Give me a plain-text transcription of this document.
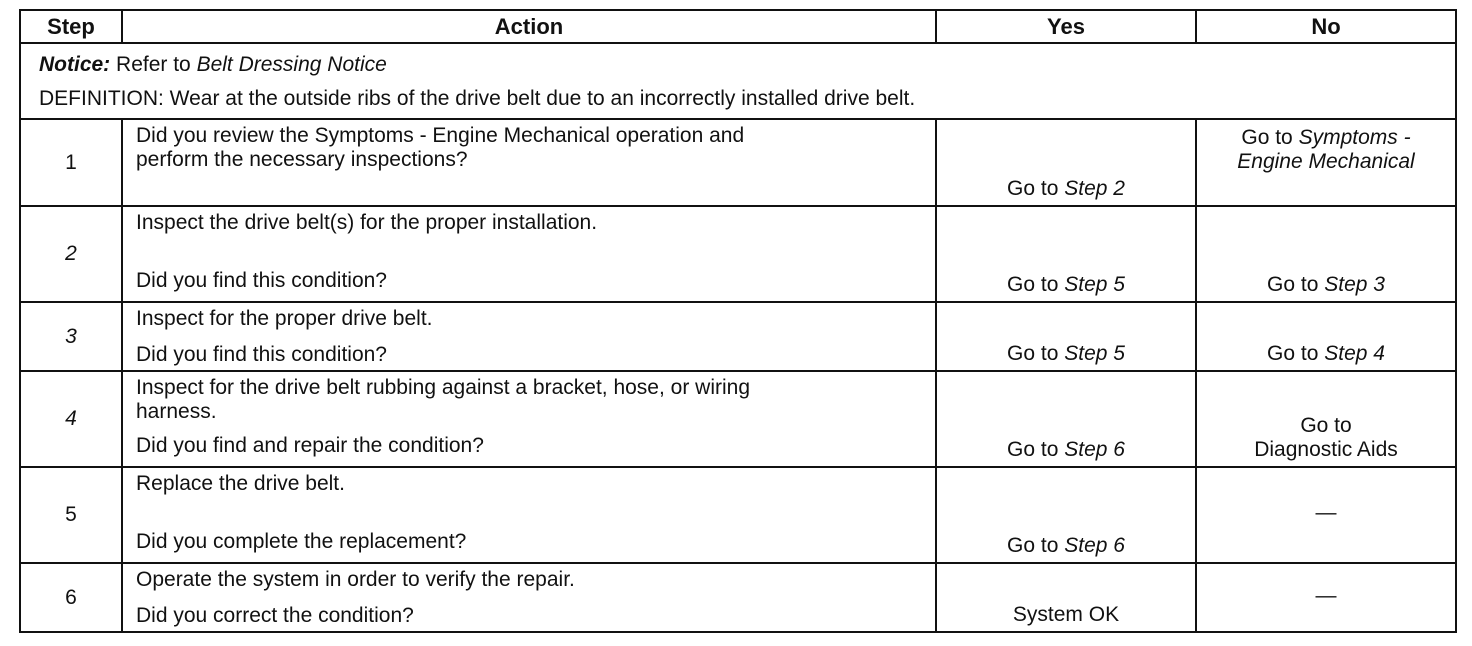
Step	Action	Yes	No

Notice: Refer to Belt Dressing Notice
DEFINITION: Wear at the outside ribs of the drive belt due to an incorrectly installed drive belt.			

1	Did you review the Symptoms - Engine Mechanical operation and
perform the necessary inspections?	Go to Step 2	Go to Symptoms -
Engine Mechanical
2	Inspect the drive belt(s) for the proper installation.
Did you find this condition?	Go to Step 5	Go to Step 3
3	Inspect for the proper drive belt.
Did you find this condition?	Go to Step 5	Go to Step 4
4	Inspect for the drive belt rubbing against a bracket, hose, or wiring
harness.
Did you find and repair the condition?	Go to Step 6	Go to
Diagnostic Aids
5	Replace the drive belt.
Did you complete the replacement?	Go to Step 6	—
6	Operate the system in order to verify the repair.
Did you correct the condition?	System OK	—
